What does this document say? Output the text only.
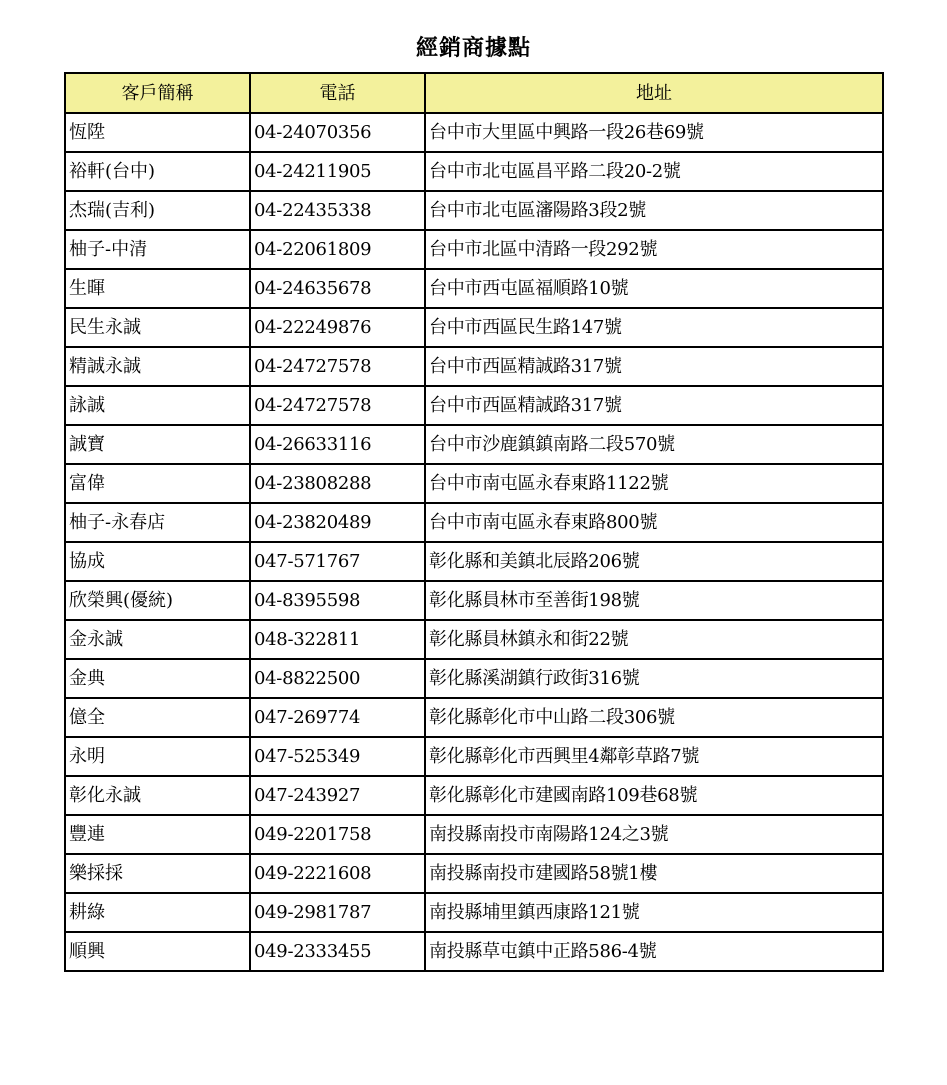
經銷商據點
客戶簡稱	電話	地址
恆陞	04-24070356	台中市大里區中興路一段26巷69號
裕軒(台中)	04-24211905	台中市北屯區昌平路二段20-2號
杰瑞(吉利)	04-22435338	台中市北屯區瀋陽路3段2號
柚子-中清	04-22061809	台中市北區中清路一段292號
生暉	04-24635678	台中市西屯區福順路10號
民生永誠	04-22249876	台中市西區民生路147號
精誠永誠	04-24727578	台中市西區精誠路317號
詠誠	04-24727578	台中市西區精誠路317號
誠寶	04-26633116	台中市沙鹿鎮鎮南路二段570號
富偉	04-23808288	台中市南屯區永春東路1122號
柚子-永春店	04-23820489	台中市南屯區永春東路800號
協成	047-571767	彰化縣和美鎮北辰路206號
欣榮興(優統)	04-8395598	彰化縣員林市至善街198號
金永誠	048-322811	彰化縣員林鎮永和街22號
金典	04-8822500	彰化縣溪湖鎮行政街316號
億全	047-269774	彰化縣彰化市中山路二段306號
永明	047-525349	彰化縣彰化市西興里4鄰彰草路7號
彰化永誠	047-243927	彰化縣彰化市建國南路109巷68號
豐連	049-2201758	南投縣南投市南陽路124之3號
樂採採	049-2221608	南投縣南投市建國路58號1樓
耕綠	049-2981787	南投縣埔里鎮西康路121號
順興	049-2333455	南投縣草屯鎮中正路586-4號
